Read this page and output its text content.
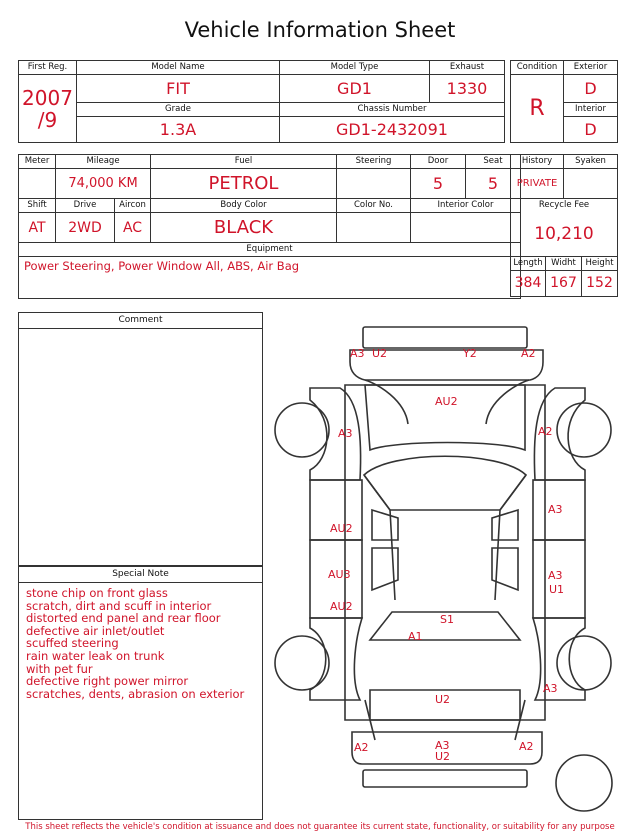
Vehicle Information Sheet
First Reg.	Model Name	Model Type	Exhaust

2007
/9	FIT	GD1	1330
	Grade	Chassis Number	
	1.3A	GD1-2432091	
Condition	Exterior
R	D
	Interior
	D
Meter	Mileage		Fuel	Steering	Door	Seat
	74,000 KM		PETROL		5	5
Shift	Drive	Aircon	Body Color	Color No.	Interior Color	
AT	2WD	AC	BLACK			
Equipment						
Power Steering, Power Window All, ABS, Air Bag						
History		Syaken	
PRIVATE			
Recycle Fee			
10,210			
Length	Widht		Height
384	167		152
Comment
Special Note
stone chip on front glass
scratch, dirt and scuff in interior
distorted end panel and rear floor
defective air inlet/outlet
scuffed steering
rain water leak on trunk
with pet fur
defective right power mirror
scratches, dents, abrasion on exterior
A3 U2	Y2	A2
AU2
A3	A2
A3
AU2
AU3
AU2
A3
U1
S1
A1
A3
U2
A2	A3
U2
A2
This sheet reflects the vehicle's condition at issuance and does not guarantee its current state, functionality, or suitability for any purpose
